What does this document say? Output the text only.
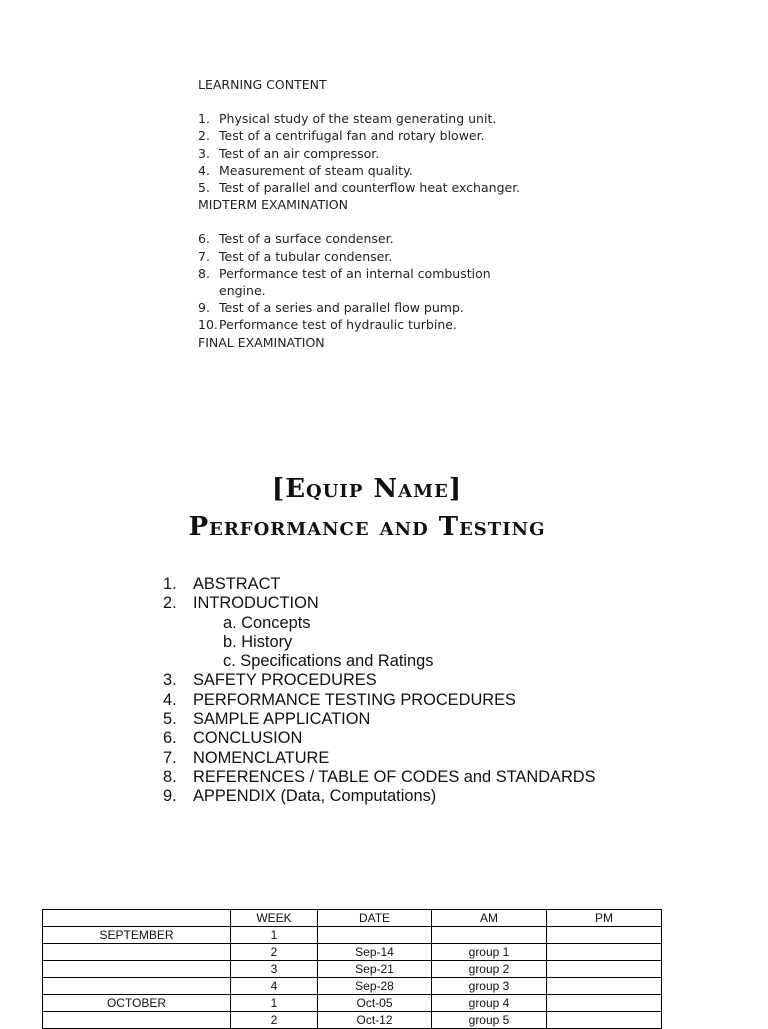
LEARNING CONTENT
1. Physical study of the steam generating unit.
2. Test of a centrifugal fan and rotary blower.
3. Test of an air compressor.
4. Measurement of steam quality.
5. Test of parallel and counterflow heat exchanger.
MIDTERM EXAMINATION
6. Test of a surface condenser.
7. Test of a tubular condenser.
8. Performance test of an internal combustion engine.
9. Test of a series and parallel flow pump.
10. Performance test of hydraulic turbine.
FINAL EXAMINATION
[Equip Name]
Performance and Testing
1. ABSTRACT
2. INTRODUCTION
a. Concepts
b. History
c. Specifications and Ratings
3. SAFETY PROCEDURES
4. PERFORMANCE TESTING PROCEDURES
5. SAMPLE APPLICATION
6. CONCLUSION
7. NOMENCLATURE
8. REFERENCES / TABLE OF CODES and STANDARDS
9. APPENDIX (Data, Computations)
	WEEK	DATE	AM	PM
SEPTEMBER	1			
	2	Sep-14	group 1	
	3	Sep-21	group 2	
	4	Sep-28	group 3	
OCTOBER	1	Oct-05	group 4	
	2	Oct-12	group 5	
